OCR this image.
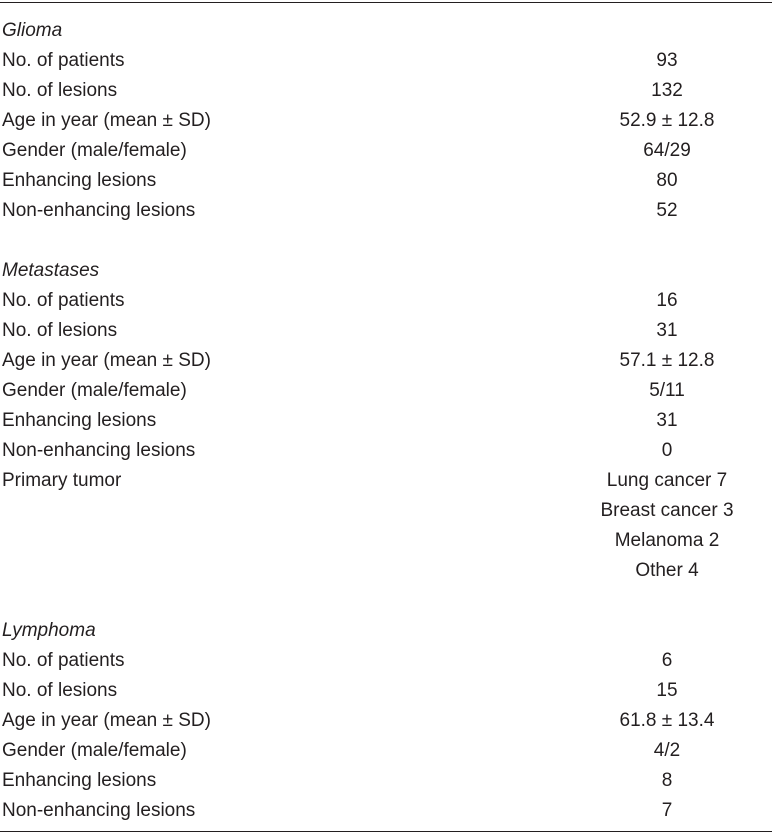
Glioma
No. of patients	93
No. of lesions	132
Age in year (mean ± SD)	52.9 ± 12.8
Gender (male/female)	64/29
Enhancing lesions	80
Non-enhancing lesions	52
Metastases
No. of patients	16
No. of lesions	31
Age in year (mean ± SD)	57.1 ± 12.8
Gender (male/female)	5/11
Enhancing lesions	31
Non-enhancing lesions	0
Primary tumor	Lung cancer 7
Breast cancer 3
Melanoma 2
Other 4
Lymphoma
No. of patients	6
No. of lesions	15
Age in year (mean ± SD)	61.8 ± 13.4
Gender (male/female)	4/2
Enhancing lesions	8
Non-enhancing lesions	7
